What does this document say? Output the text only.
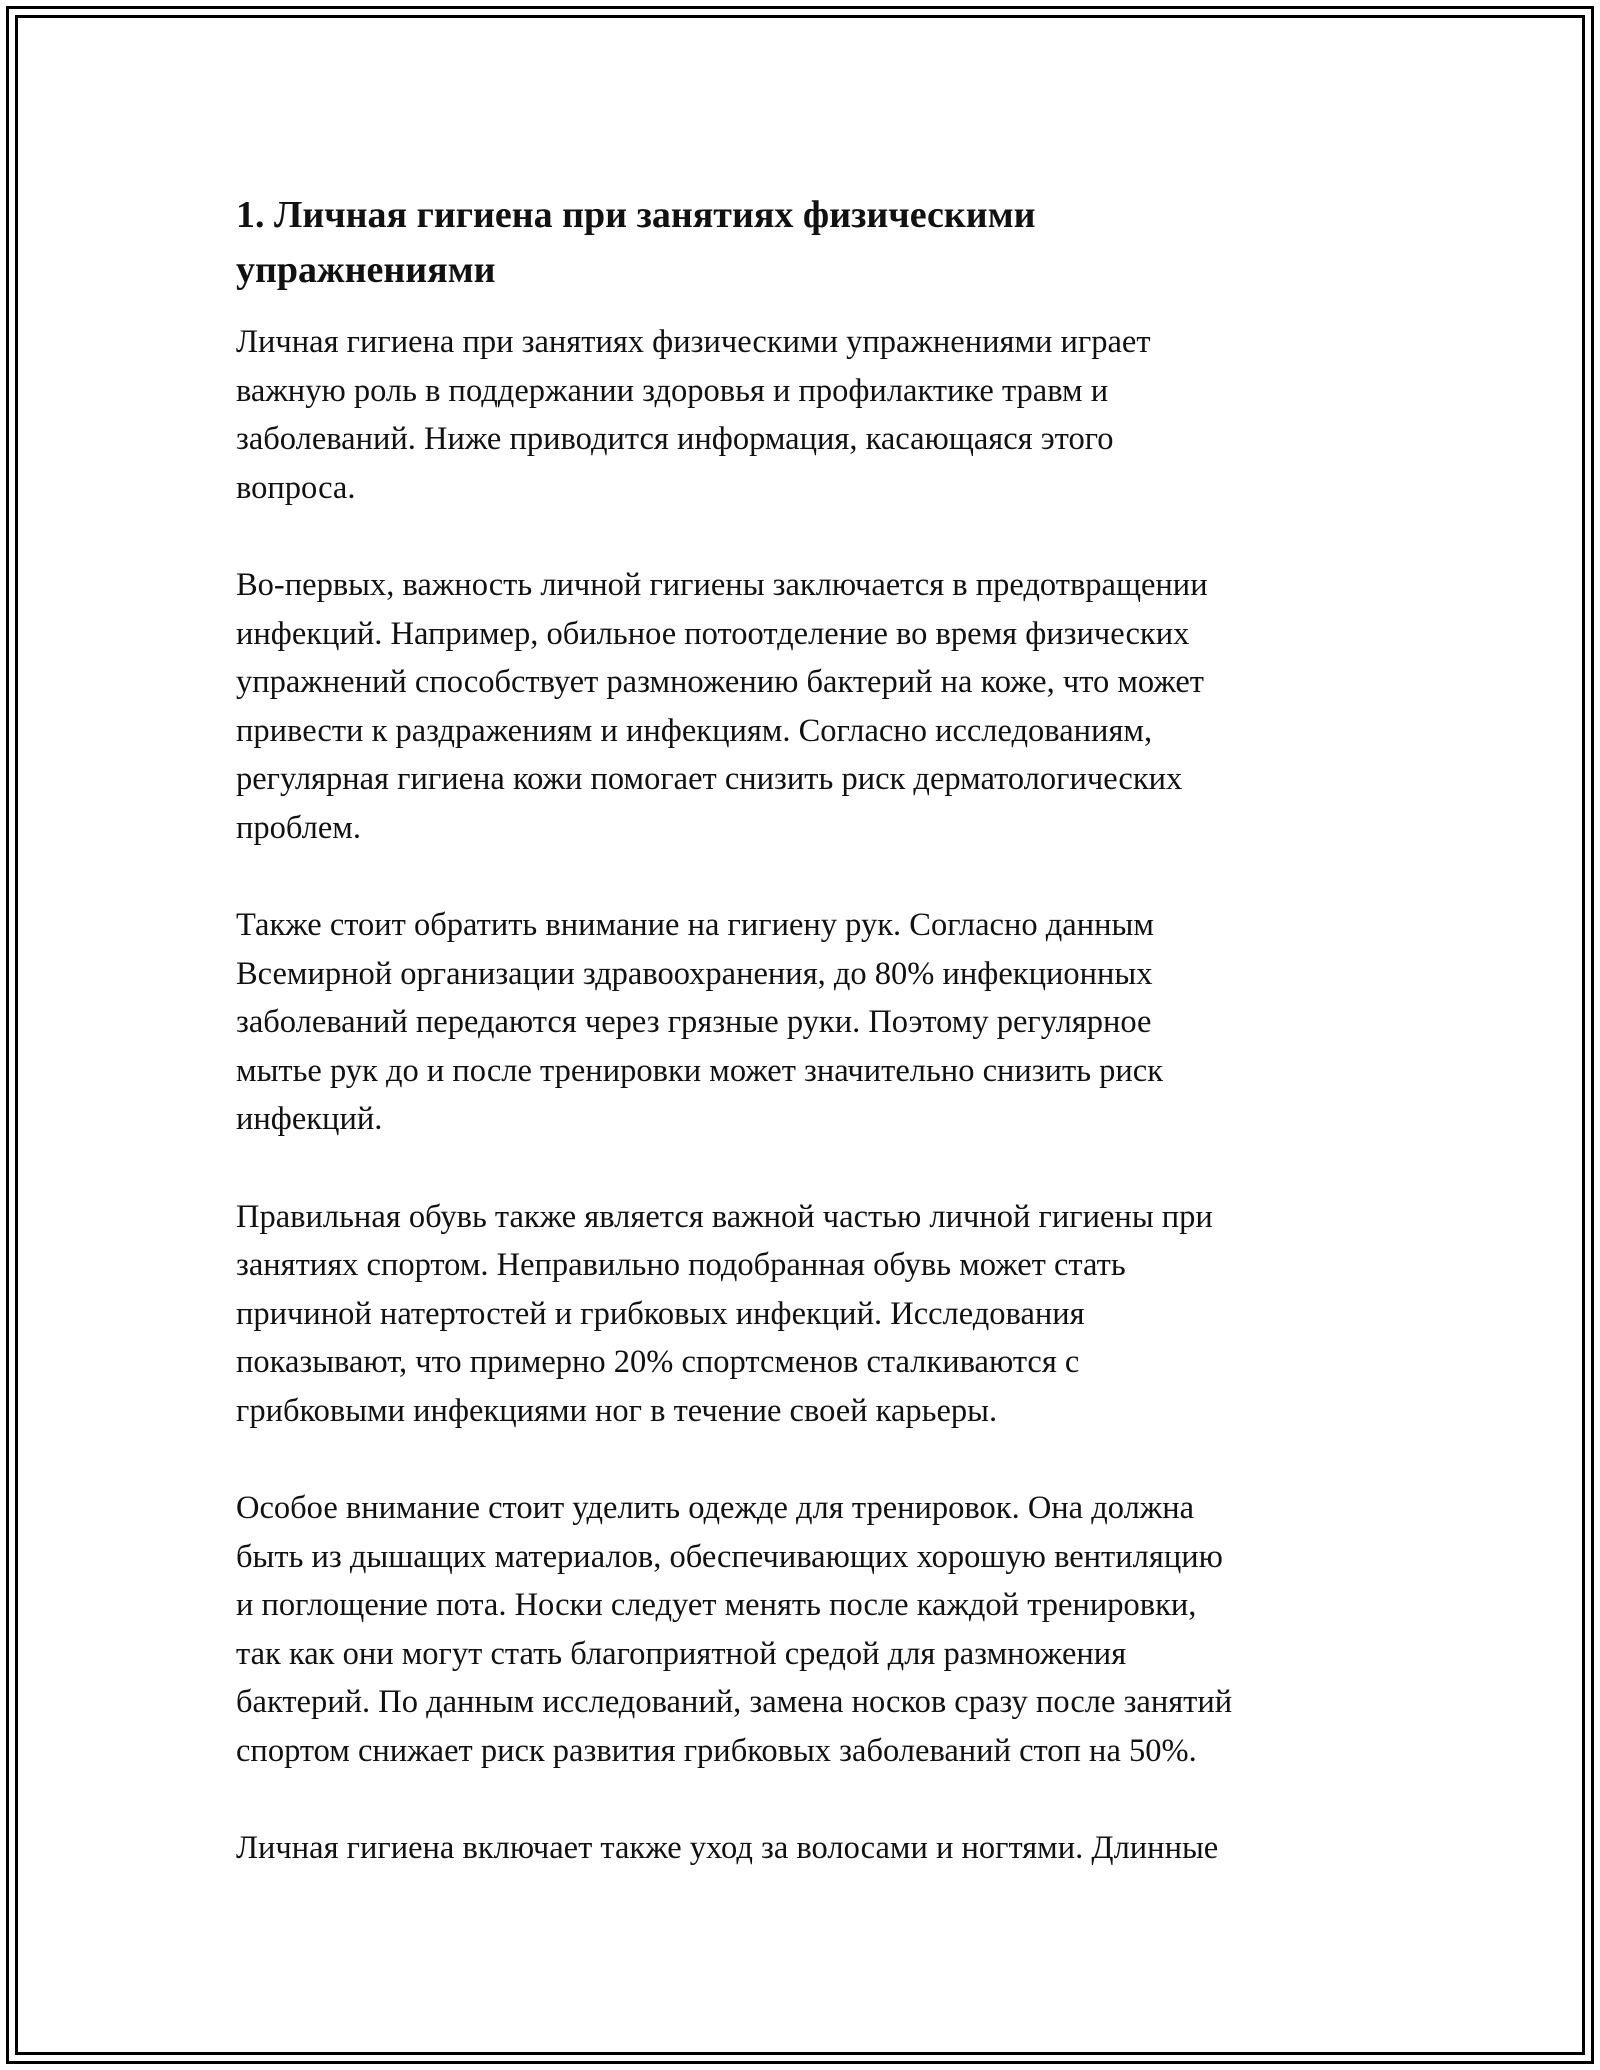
1. Личная гигиена при занятиях физическими
упражнениями

Личная гигиена при занятиях физическими упражнениями играет
важную роль в поддержании здоровья и профилактике травм и
заболеваний. Ниже приводится информация, касающаяся этого
вопроса.

Во-первых, важность личной гигиены заключается в предотвращении
инфекций. Например, обильное потоотделение во время физических
упражнений способствует размножению бактерий на коже, что может
привести к раздражениям и инфекциям. Согласно исследованиям,
регулярная гигиена кожи помогает снизить риск дерматологических
проблем.

Также стоит обратить внимание на гигиену рук. Согласно данным
Всемирной организации здравоохранения, до 80% инфекционных
заболеваний передаются через грязные руки. Поэтому регулярное
мытье рук до и после тренировки может значительно снизить риск
инфекций.

Правильная обувь также является важной частью личной гигиены при
занятиях спортом. Неправильно подобранная обувь может стать
причиной натертостей и грибковых инфекций. Исследования
показывают, что примерно 20% спортсменов сталкиваются с
грибковыми инфекциями ног в течение своей карьеры.

Особое внимание стоит уделить одежде для тренировок. Она должна
быть из дышащих материалов, обеспечивающих хорошую вентиляцию
и поглощение пота. Носки следует менять после каждой тренировки,
так как они могут стать благоприятной средой для размножения
бактерий. По данным исследований, замена носков сразу после занятий
спортом снижает риск развития грибковых заболеваний стоп на 50%.

Личная гигиена включает также уход за волосами и ногтями. Длинные
